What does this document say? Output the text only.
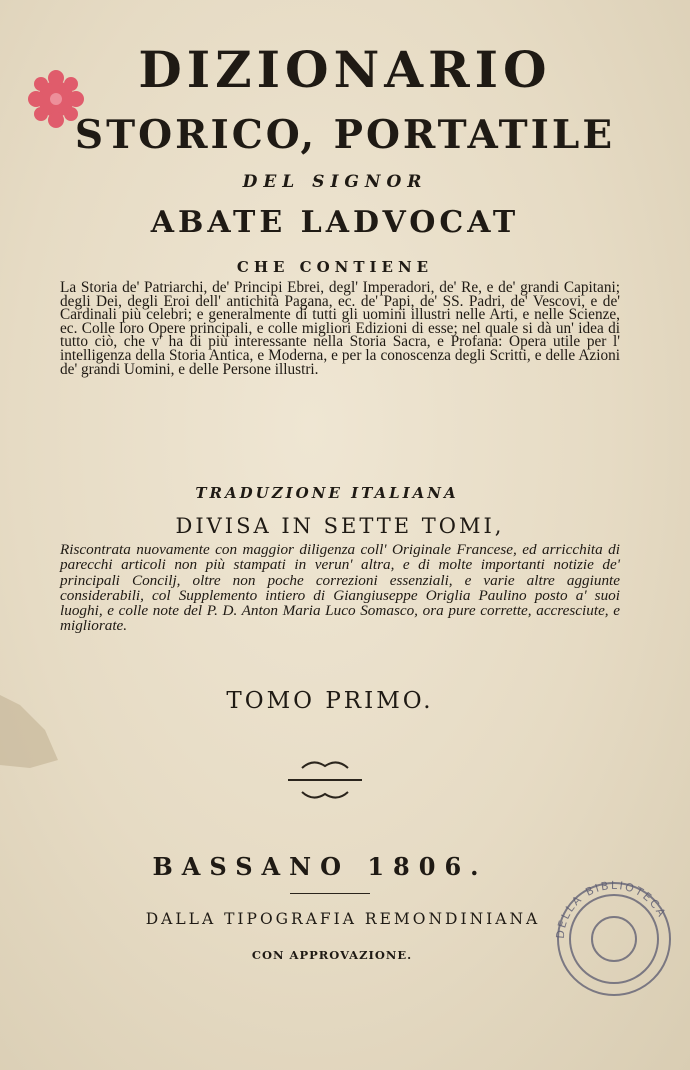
DIZIONARIO
STORICO, PORTATILE
DEL SIGNOR
ABATE LADVOCAT
CHE CONTIENE
La Storia de' Patriarchi, de' Principi Ebrei, degl' Imperadori, de' Re, e de' grandi Capitani; degli Dei, degli Eroi dell' antichità Pagana, ec. de' Papi, de' SS. Padri, de' Vescovi, e de' Cardinali più celebri; e generalmente di tutti gli uomini illustri nelle Arti, e nelle Scienze, ec. Colle loro Opere principali, e colle migliori Edizioni di esse; nel quale si dà un' idea di tutto ciò, che v' ha di più interessante nella Storia Sacra, e Profana: Opera utile per l' intelligenza della Storia Antica, e Moderna, e per la conoscenza degli Scritti, e delle Azioni de' grandi Uomini, e delle Persone illustri.
TRADUZIONE ITALIANA
DIVISA IN SETTE TOMI,
Riscontrata nuovamente con maggior diligenza coll' Originale Francese, ed arricchita di parecchi articoli non più stampati in verun' altra, e di molte importanti notizie de' principali Concilj, oltre non poche correzioni essenziali, e varie altre aggiunte considerabili, col Supplemento intiero di Giangiuseppe Origlia Paulino posto a' suoi luoghi, e colle note del P. D. Anton Maria Luco Somasco, ora pure corrette, accresciute, e migliorate.
TOMO PRIMO.
BASSANO 1806.
DALLA TIPOGRAFIA REMONDINIANA
CON APPROVAZIONE.
DELLA BIBLIOTECA
